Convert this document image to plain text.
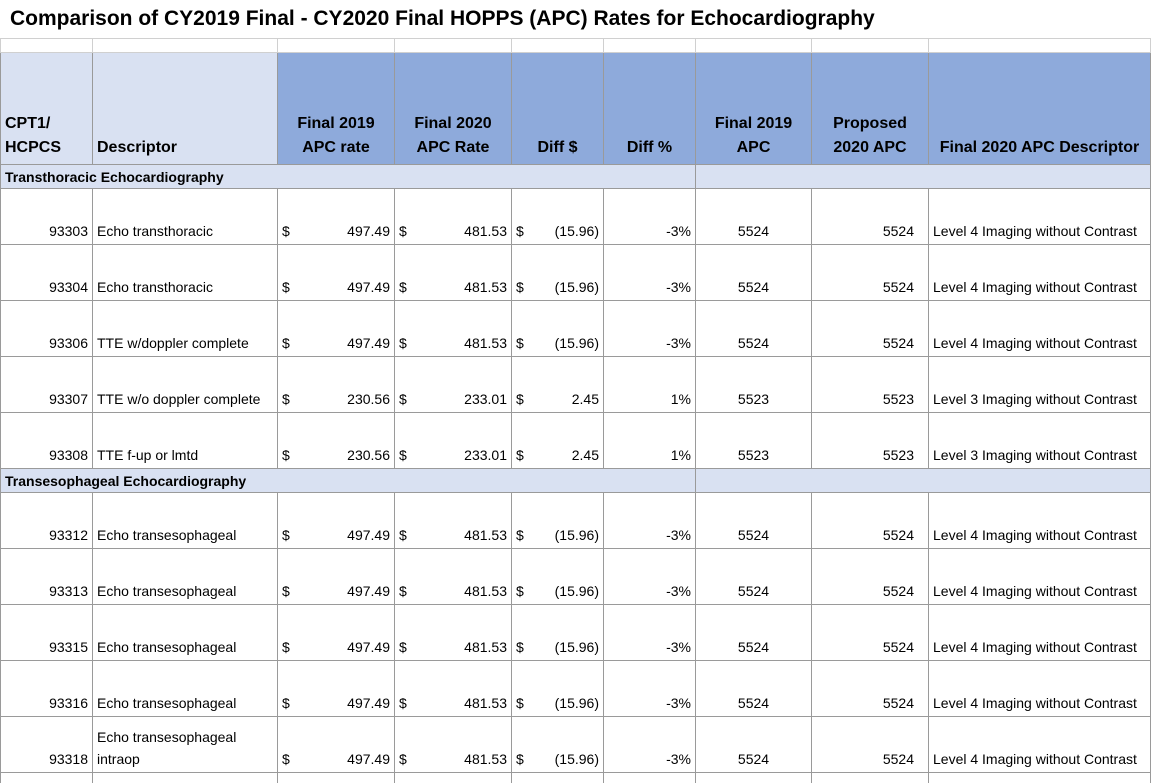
Comparison of CY2019 Final - CY2020 Final HOPPS (APC) Rates for Echocardiography

CPT1/ HCPCS	Descriptor	Final 2019 APC rate	Final 2020 APC Rate	Diff $	Diff %	Final 2019 APC	Proposed 2020 APC	Final 2020 APC Descriptor
Transthoracic Echocardiography								
93303	Echo transthoracic	$ 497.49	$ 481.53	$ (15.96)	-3%	5524	5524	Level 4 Imaging without Contrast
93304	Echo transthoracic	$ 497.49	$ 481.53	$ (15.96)	-3%	5524	5524	Level 4 Imaging without Contrast
93306	TTE w/doppler complete	$ 497.49	$ 481.53	$ (15.96)	-3%	5524	5524	Level 4 Imaging without Contrast
93307	TTE w/o doppler complete	$ 230.56	$ 233.01	$ 2.45	1%	5523	5523	Level 3 Imaging without Contrast
93308	TTE f-up or lmtd	$ 230.56	$ 233.01	$ 2.45	1%	5523	5523	Level 3 Imaging without Contrast
Transesophageal Echocardiography								
93312	Echo transesophageal	$ 497.49	$ 481.53	$ (15.96)	-3%	5524	5524	Level 4 Imaging without Contrast
93313	Echo transesophageal	$ 497.49	$ 481.53	$ (15.96)	-3%	5524	5524	Level 4 Imaging without Contrast
93315	Echo transesophageal	$ 497.49	$ 481.53	$ (15.96)	-3%	5524	5524	Level 4 Imaging without Contrast
93316	Echo transesophageal	$ 497.49	$ 481.53	$ (15.96)	-3%	5524	5524	Level 4 Imaging without Contrast
93318	Echo transesophageal intraop	$ 497.49	$ 481.53	$ (15.96)	-3%	5524	5524	Level 4 Imaging without Contrast
